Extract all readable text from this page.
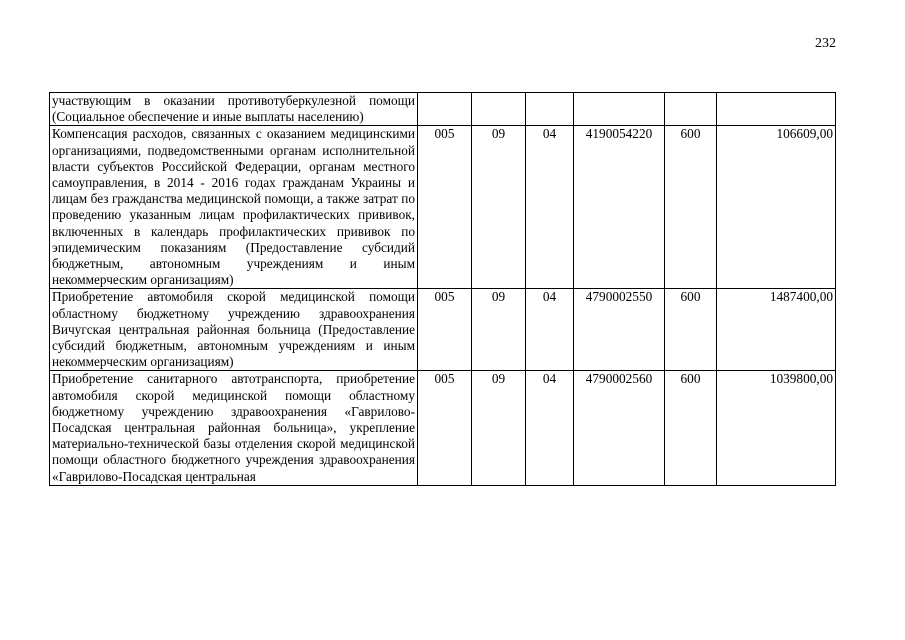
232
участвующим в оказании противотуберкулезной помощи (Социальное обеспечение и иные выплаты населению)						
Компенсация расходов, связанных с оказанием медицинскими организациями, подведомственными органам исполнительной власти субъектов Российской Федерации, органам местного самоуправления, в 2014 - 2016 годах гражданам Украины и лицам без гражданства медицинской помощи, а также затрат по проведению указанным лицам профилактических прививок, включенных в календарь профилактических прививок по эпидемическим показаниям (Предоставление субсидий бюджетным, автономным учреждениям и иным некоммерческим организациям)	005	09	04	4190054220	600	106609,00
Приобретение автомобиля скорой медицинской помощи областному бюджетному учреждению здравоохранения Вичугская центральная районная больница (Предоставление субсидий бюджетным, автономным учреждениям и иным некоммерческим организациям)	005	09	04	4790002550	600	1487400,00
Приобретение санитарного автотранспорта, приобретение автомобиля скорой медицинской помощи областному бюджетному учреждению здравоохранения «Гаврилово-Посадская центральная районная больница», укрепление материально-технической базы отделения скорой медицинской помощи областного бюджетного учреждения здравоохранения «Гаврилово-Посадская центральная	005	09	04	4790002560	600	1039800,00
